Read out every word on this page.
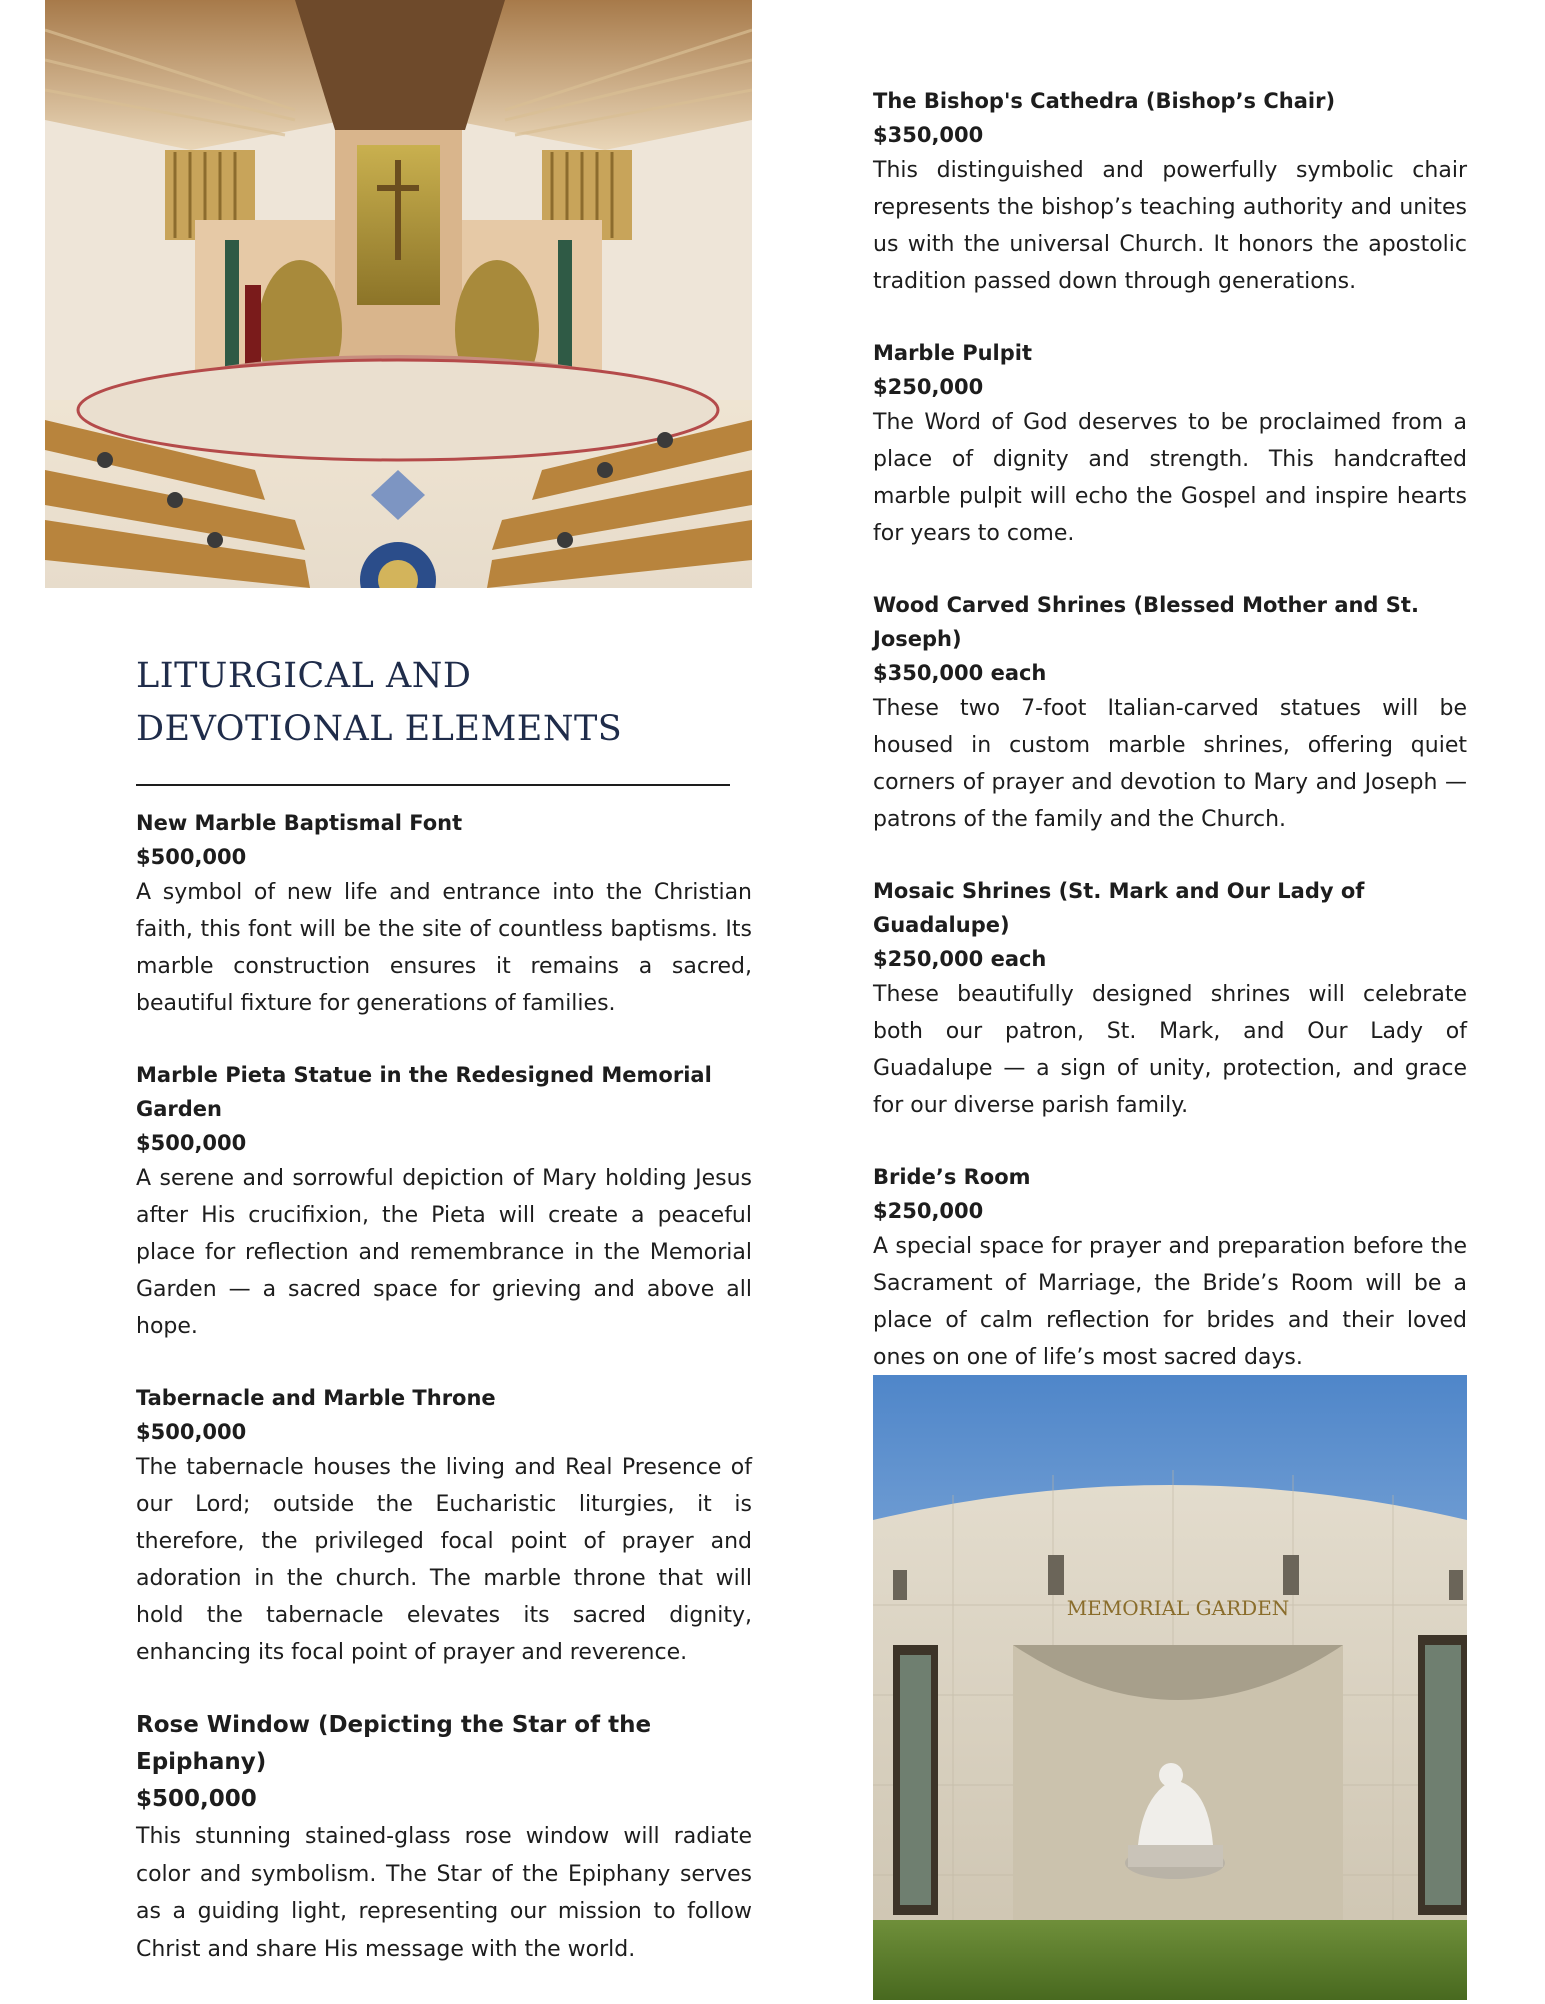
LITURGICAL AND
DEVOTIONAL ELEMENTS

New Marble Baptismal Font

$500,000

A symbol of new life and entrance into the Christian faith, this font will be the site of countless baptisms. Its marble construction ensures it remains a sacred, beautiful fixture for generations of families.

Marble Pieta Statue in the Redesigned Memorial Garden

$500,000

A serene and sorrowful depiction of Mary holding Jesus after His crucifixion, the Pieta will create a peaceful place for reflection and remembrance in the Memorial Garden — a sacred space for grieving and above all hope.

Tabernacle and Marble Throne

$500,000

The tabernacle houses the living and Real Presence of our Lord; outside the Eucharistic liturgies, it is therefore, the privileged focal point of prayer and adoration in the church. The marble throne that will hold the tabernacle elevates its sacred dignity, enhancing its focal point of prayer and reverence.

Rose Window (Depicting the Star of the Epiphany)

$500,000

This stunning stained-glass rose window will radiate color and symbolism. The Star of the Epiphany serves as a guiding light, representing our mission to follow Christ and share His message with the world.

The Bishop's Cathedra (Bishop’s Chair)

$350,000

This distinguished and powerfully symbolic chair represents the bishop’s teaching authority and unites us with the universal Church. It honors the apostolic tradition passed down through generations.

Marble Pulpit

$250,000

The Word of God deserves to be proclaimed from a place of dignity and strength. This handcrafted marble pulpit will echo the Gospel and inspire hearts for years to come.

Wood Carved Shrines (Blessed Mother and St. Joseph)

$350,000 each

These two 7-foot Italian-carved statues will be housed in custom marble shrines, offering quiet corners of prayer and devotion to Mary and Joseph — patrons of the family and the Church.

Mosaic Shrines (St. Mark and Our Lady of Guadalupe)

$250,000 each

These beautifully designed shrines will celebrate both our patron, St. Mark, and Our Lady of Guadalupe — a sign of unity, protection, and grace for our diverse parish family.

Bride’s Room

$250,000

A special space for prayer and preparation before the Sacrament of Marriage, the Bride’s Room will be a place of calm reflection for brides and their loved ones on one of life’s most sacred days.

MEMORIAL GARDEN
